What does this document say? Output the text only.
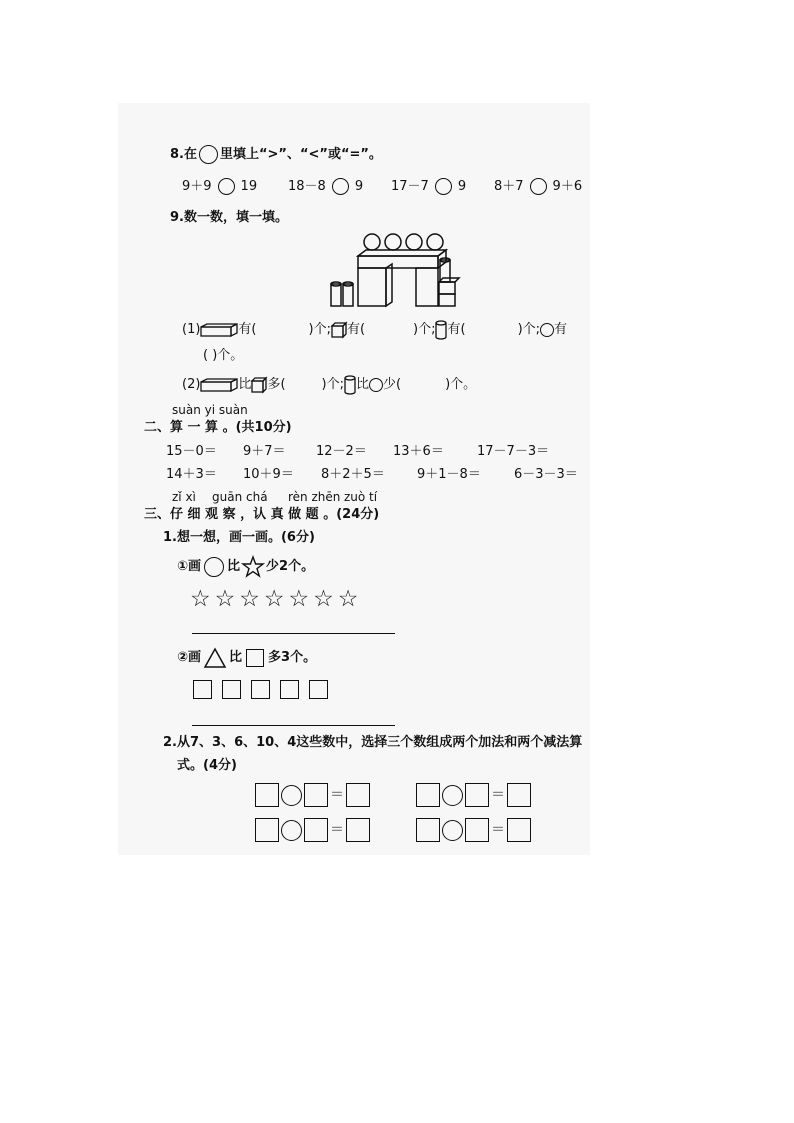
8.在 里填上“>”、“<”或“=”。
9＋9 19 18－8 9 17－7 9 8＋7 9＋6
9.数一数，填一填。
(1)	有(	)个; 有(	)个; 有(	)个; 有
( )个。
(2)	比 多(	)个; 比 少(	)个。
suàn yi suàn
二、算 一 算 。(共10分)
15－0＝ 9＋7＝ 12－2＝ 13＋6＝	17－7－3＝
14＋3＝ 10＋9＝ 8＋2＋5＝ 9＋1－8＝	6－3－3＝
zǐ xì guān chá rèn zhēn zuò tí
三、仔 细 观 察 ，认 真 做 题 。(24分)
1.想一想，画一画。(6分)
①画 比 少2个。
☆☆☆☆☆☆☆
②画 比 多3个。
2.从7、3、6、10、4这些数中，选择三个数组成两个加法和两个减法算
式。(4分)
＝	＝
＝	＝
